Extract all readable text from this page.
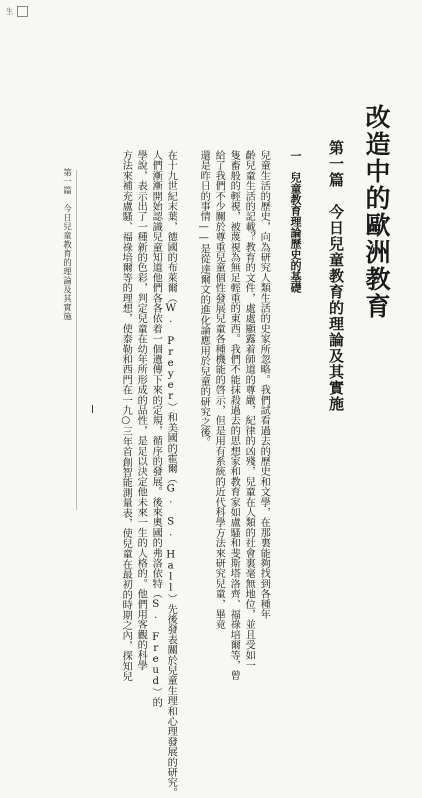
生
改造中的歐洲教育
第一篇　今日兒童教育的理論及其實施
一　兒童教育理論歷史的基礎
兒童生活的歷史，向為研究人類生活的史家所忽略。我們試看過去的歷史和文學，在那裏能夠找到各種年
齡兒童生活的記載？教育的文件，處處顯露着師道的尊嚴，紀律的凶殘，兒童在人類的社會裏毫無地位，並且受如一
隻畜般的輕視，被蔑視為無足輕重的東西。我們不能抹殺過去的思想家和教育家如盧騷和斐斯塔洛齊、福祿培爾等，曾
給了我們不少關於尊重兒童個性發展兒童各種機能的啓示，但是用有系統的近代科學方法來研究兒童，畢竟
還是昨日的事情——是從達爾文的進化論應用於兒童的研究之後。
在十九世紀末葉，德國的布萊爾（W. Preyer）和美國的霍爾（G. S. Hall）先後發表關於兒童生理和心理發展的研究。
人們漸漸開始認識兒童知道他們各各依着一個遺傳下來的定規，循序的發展。後來奧國的弗洛依特（S. Freud）的
學說，表示出了一種新的色彩，判定兒童在幼年所形成的品性，是足以決定他未來一生的人格的。他們用客觀的科學
方法來補充盧騷、福祿培爾等的理想，使泰勒和西門在一九○三年首創智能測量表，使兒童在最初的時期之內，探知兒
第一篇　今日兒童教育的理論及其實施
